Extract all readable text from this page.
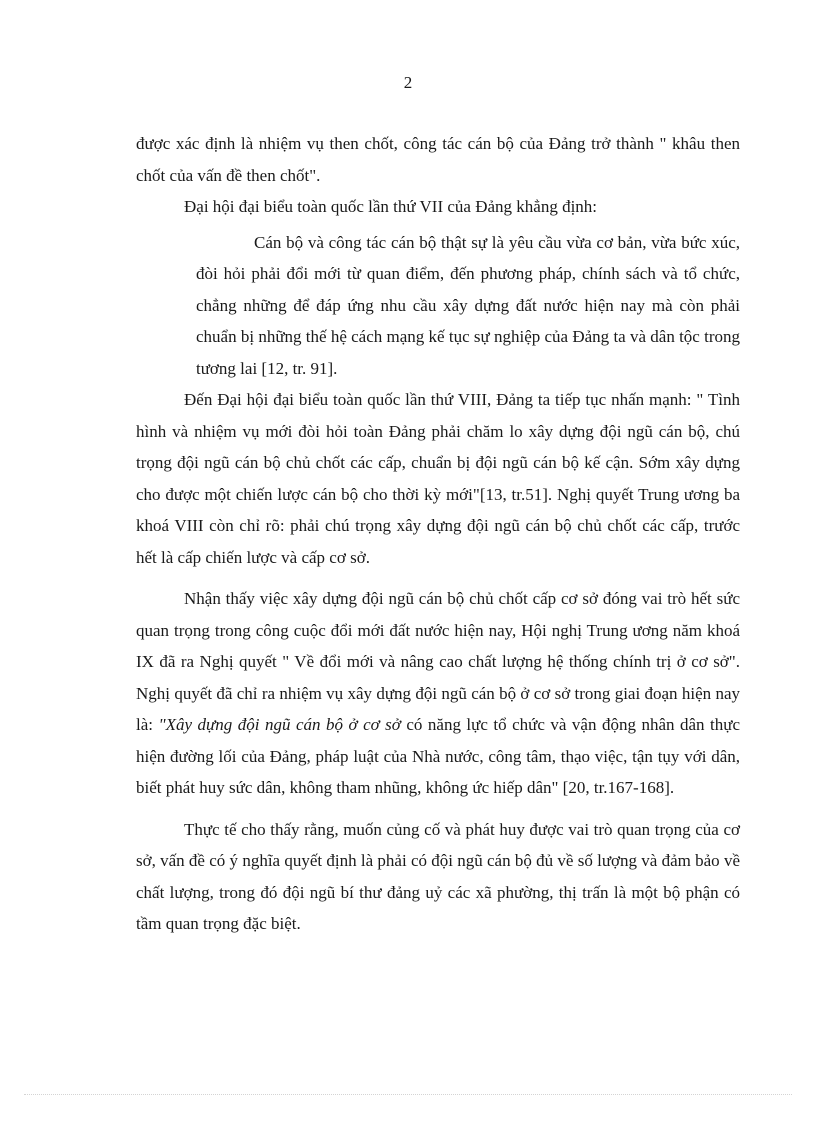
2

được xác định là nhiệm vụ then chốt, công tác cán bộ của Đảng trở thành " khâu then chốt của vấn đề then chốt".

Đại hội đại biểu toàn quốc lần thứ VII của Đảng khẳng định:

Cán bộ và công tác cán bộ thật sự là yêu cầu vừa cơ bản, vừa bức xúc, đòi hỏi phải đổi mới từ quan điểm, đến phương pháp, chính sách và tổ chức, chẳng những để đáp ứng nhu cầu xây dựng đất nước hiện nay mà còn phải chuẩn bị những thế hệ cách mạng kế tục sự nghiệp của Đảng ta và dân tộc trong tương lai [12, tr. 91].

Đến Đại hội đại biểu toàn quốc lần thứ VIII, Đảng ta tiếp tục nhấn mạnh: " Tình hình và nhiệm vụ mới đòi hỏi toàn Đảng phải chăm lo xây dựng đội ngũ cán bộ, chú trọng đội ngũ cán bộ chủ chốt các cấp, chuẩn bị đội ngũ cán bộ kế cận. Sớm xây dựng cho được một chiến lược cán bộ cho thời kỳ mới"[13, tr.51]. Nghị quyết Trung ương ba khoá VIII còn chỉ rõ: phải chú trọng xây dựng đội ngũ cán bộ chủ chốt các cấp, trước hết là cấp chiến lược và cấp cơ sở.

Nhận thấy việc xây dựng đội ngũ cán bộ chủ chốt cấp cơ sở đóng vai trò hết sức quan trọng trong công cuộc đổi mới đất nước hiện nay, Hội nghị Trung ương năm khoá IX đã ra Nghị quyết " Về đổi mới và nâng cao chất lượng hệ thống chính trị ở cơ sở". Nghị quyết đã chỉ ra nhiệm vụ xây dựng đội ngũ cán bộ ở cơ sở trong giai đoạn hiện nay là: "Xây dựng đội ngũ cán bộ ở cơ sở có năng lực tổ chức và vận động nhân dân thực hiện đường lối của Đảng, pháp luật của Nhà nước, công tâm, thạo việc, tận tụy với dân, biết phát huy sức dân, không tham nhũng, không ức hiếp dân" [20, tr.167-168].

Thực tế cho thấy rằng, muốn củng cố và phát huy được vai trò quan trọng của cơ sở, vấn đề có ý nghĩa quyết định là phải có đội ngũ cán bộ đủ về số lượng và đảm bảo về chất lượng, trong đó đội ngũ bí thư đảng uỷ các xã phường, thị trấn là một bộ phận có tầm quan trọng đặc biệt.
